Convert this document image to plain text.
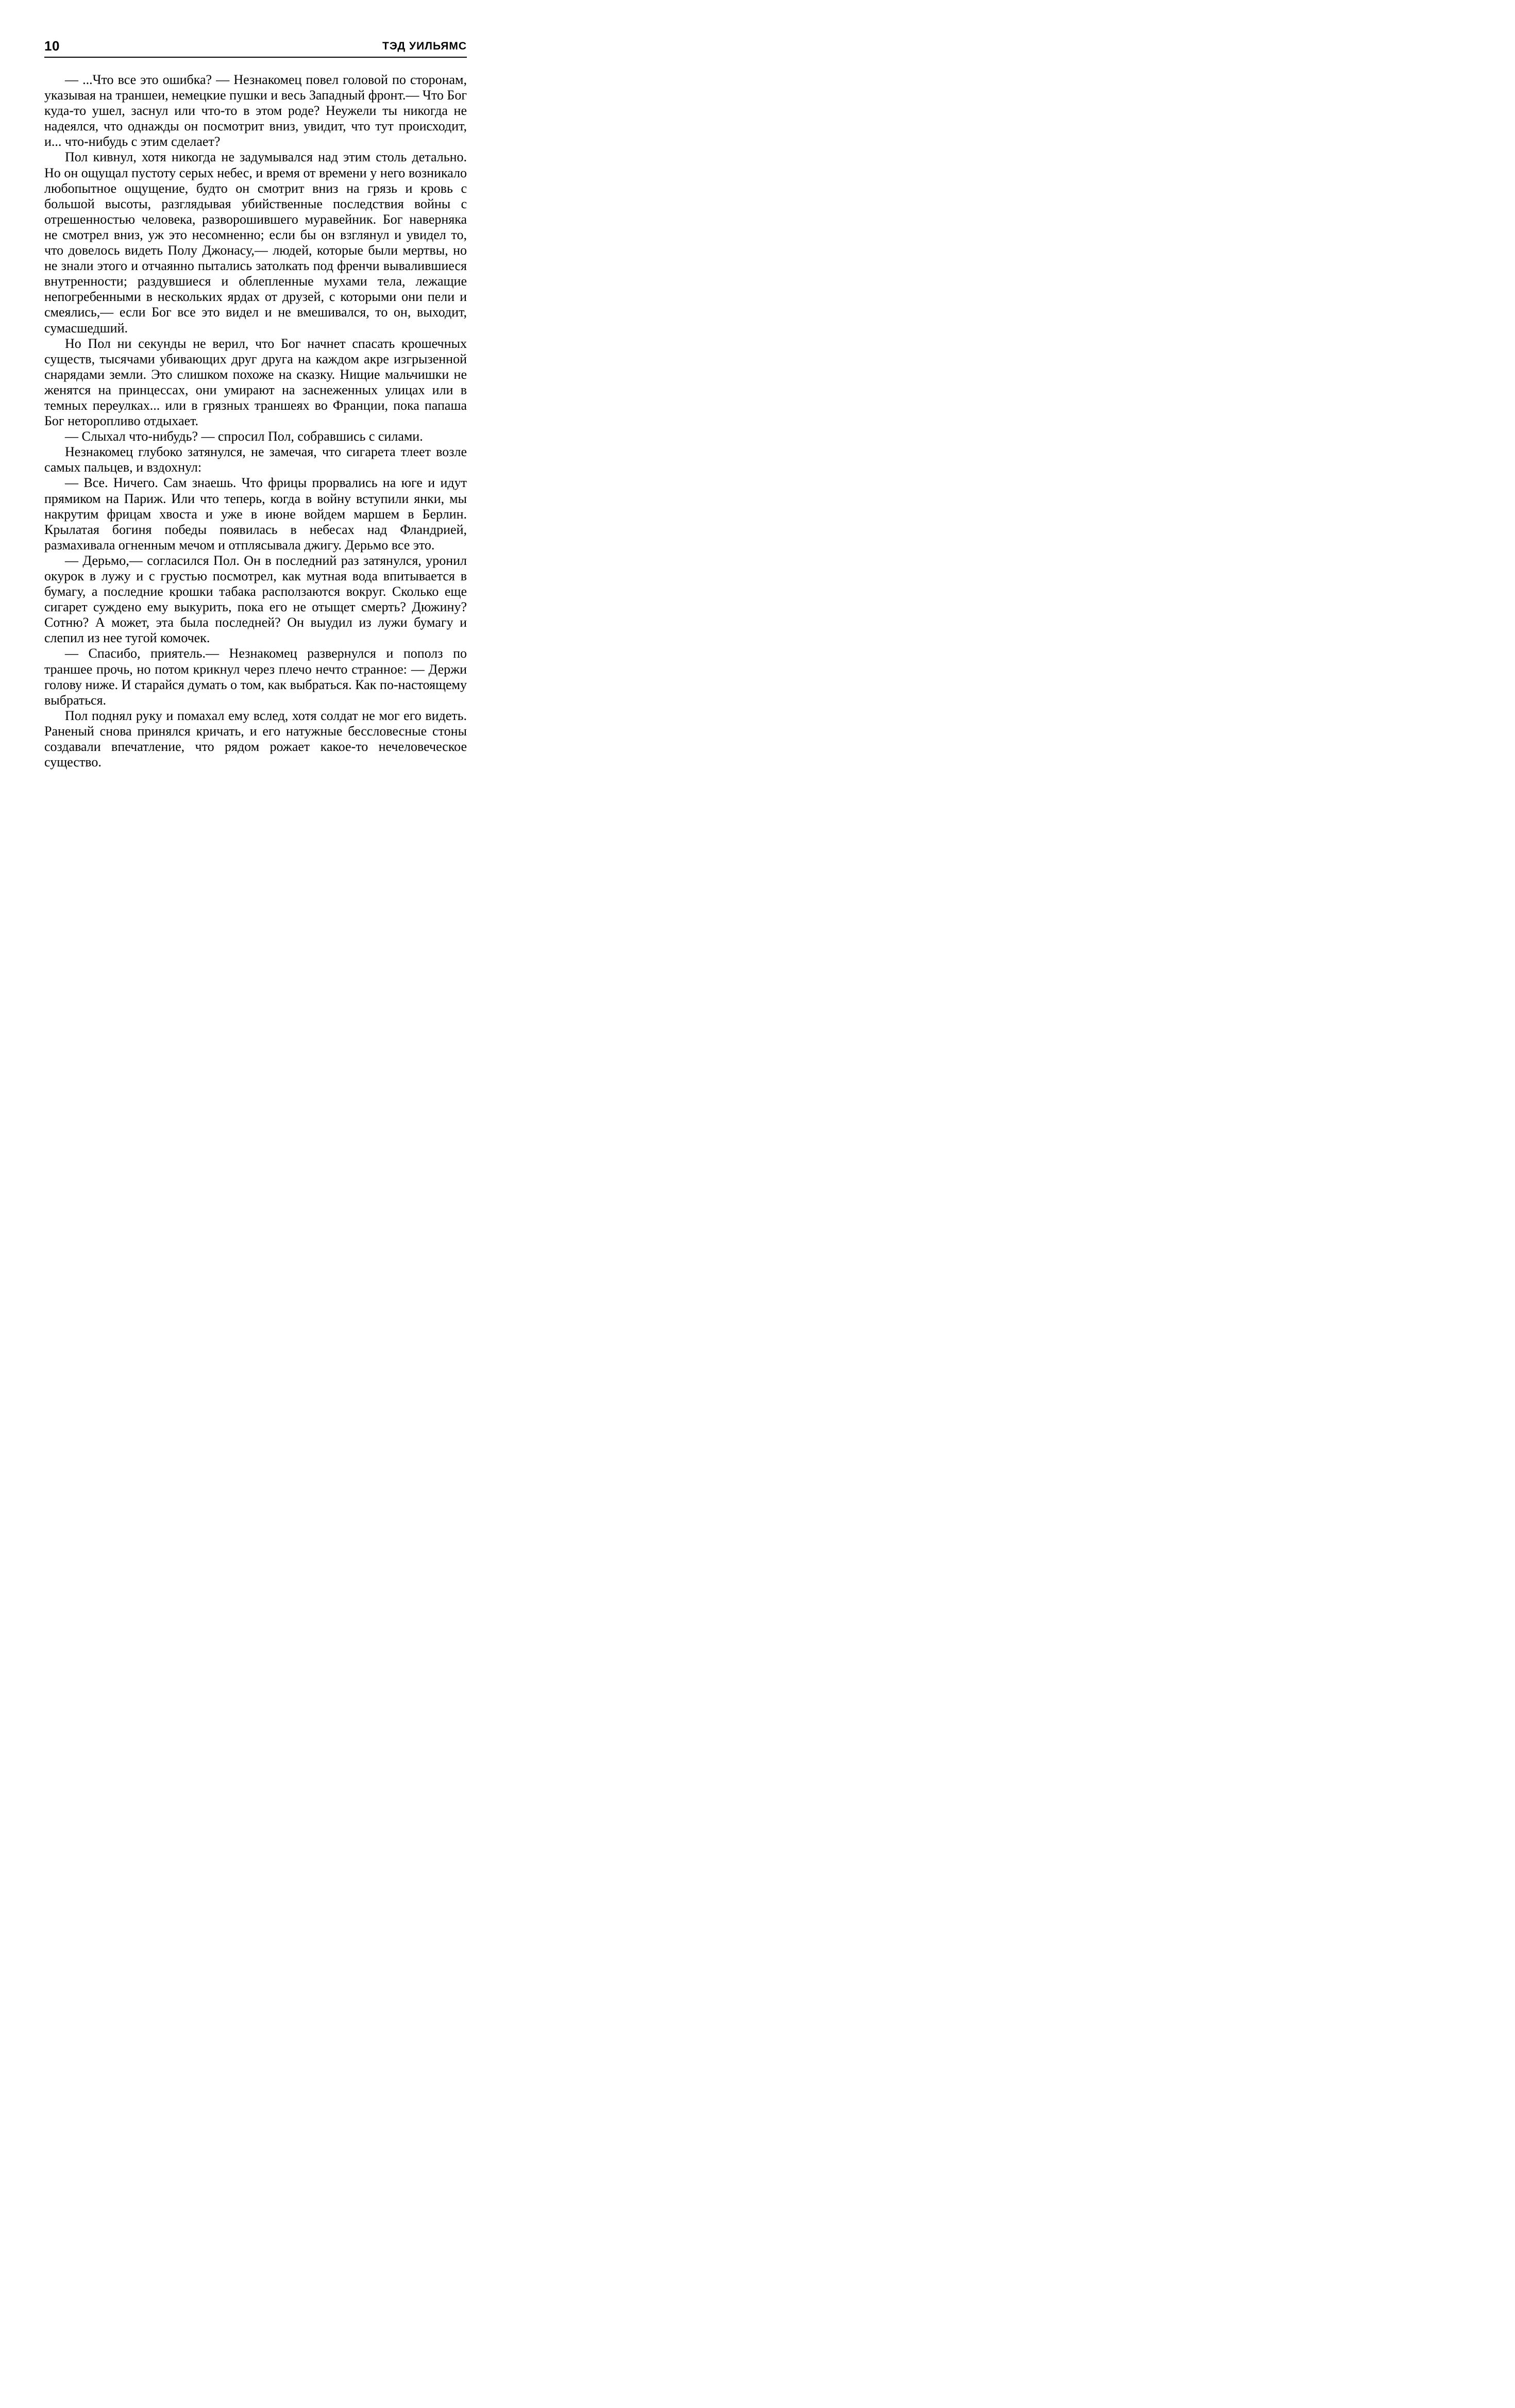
10	ТЭД УИЛЬЯМС

— ...Что все это ошибка? — Незнакомец повел головой по сторонам, указывая на траншеи, немецкие пушки и весь Западный фронт.— Что Бог куда-то ушел, заснул или что-то в этом роде? Неужели ты никогда не надеялся, что однажды он посмотрит вниз, увидит, что тут происходит, и... что-нибудь с этим сделает?

Пол кивнул, хотя никогда не задумывался над этим столь детально. Но он ощущал пустоту серых небес, и время от времени у него возникало любопытное ощущение, будто он смотрит вниз на грязь и кровь с большой высоты, разглядывая убийственные последствия войны с отрешенностью человека, разворошившего муравейник. Бог наверняка не смотрел вниз, уж это несомненно; если бы он взглянул и увидел то, что довелось видеть Полу Джонасу,— людей, которые были мертвы, но не знали этого и отчаянно пытались затолкать под френчи вывалившиеся внутренности; раздувшиеся и облепленные мухами тела, лежащие непогребенными в нескольких ярдах от друзей, с которыми они пели и смеялись,— если Бог все это видел и не вмешивался, то он, выходит, сумасшедший.

Но Пол ни секунды не верил, что Бог начнет спасать крошечных существ, тысячами убивающих друг друга на каждом акре изгрызенной снарядами земли. Это слишком похоже на сказку. Нищие мальчишки не женятся на принцессах, они умирают на заснеженных улицах или в темных переулках... или в грязных траншеях во Франции, пока папаша Бог неторопливо отдыхает.

— Слыхал что-нибудь? — спросил Пол, собравшись с силами.

Незнакомец глубоко затянулся, не замечая, что сигарета тлеет возле самых пальцев, и вздохнул:

— Все. Ничего. Сам знаешь. Что фрицы прорвались на юге и идут прямиком на Париж. Или что теперь, когда в войну вступили янки, мы накрутим фрицам хвоста и уже в июне войдем маршем в Берлин. Крылатая богиня победы появилась в небесах над Фландрией, размахивала огненным мечом и отплясывала джигу. Дерьмо все это.

— Дерьмо,— согласился Пол. Он в последний раз затянулся, уронил окурок в лужу и с грустью посмотрел, как мутная вода впитывается в бумагу, а последние крошки табака расползаются вокруг. Сколько еще сигарет суждено ему выкурить, пока его не отыщет смерть? Дюжину? Сотню? А может, эта была последней? Он выудил из лужи бумагу и слепил из нее тугой комочек.

— Спасибо, приятель.— Незнакомец развернулся и пополз по траншее прочь, но потом крикнул через плечо нечто странное: — Держи голову ниже. И старайся думать о том, как выбраться. Как по-настоящему выбраться.

Пол поднял руку и помахал ему вслед, хотя солдат не мог его видеть. Раненый снова принялся кричать, и его натужные бессловесные стоны создавали впечатление, что рядом рожает какое-то нечеловеческое существо.
